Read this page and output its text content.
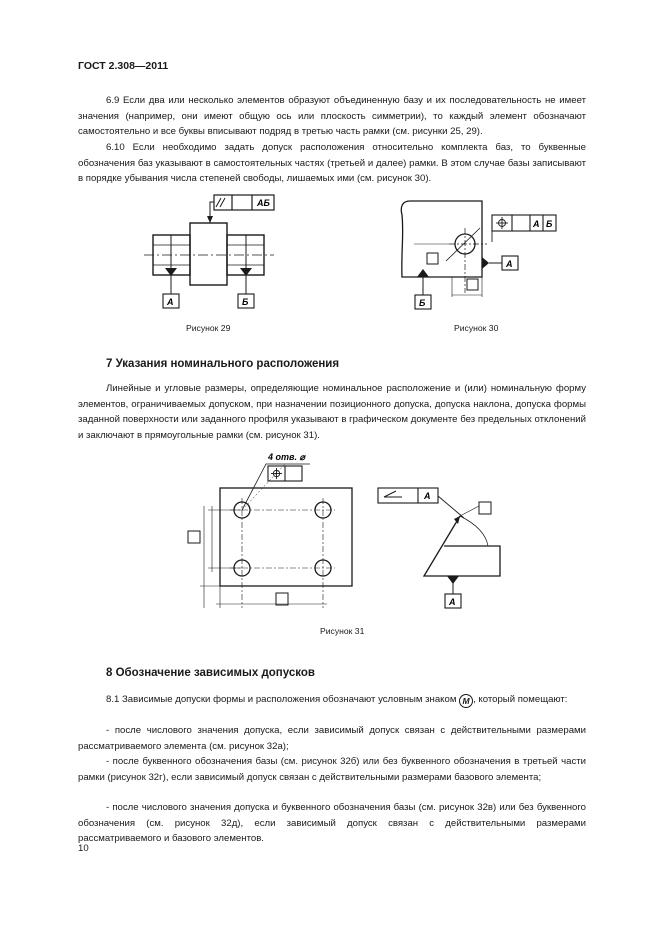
ГОСТ 2.308—2011
6.9 Если два или несколько элементов образуют объединенную базу и их последовательность не имеет значения (например, они имеют общую ось или плоскость симметрии), то каждый элемент обозначают самостоятельно и все буквы вписывают подряд в третью часть рамки (см. рисунки 25, 29).
6.10 Если необходимо задать допуск расположения относительно комплекта баз, то буквенные обозначения баз указывают в самостоятельных частях (третьей и далее) рамки. В этом случае базы записывают в порядке убывания числа степеней свободы, лишаемых ими (см. рисунок 30).
АБ
А	Б
Рисунок 29
А Б
А
Б
Рисунок 30
7 Указания номинального расположения
Линейные и угловые размеры, определяющие номинальное расположение и (или) номинальную форму элементов, ограничиваемых допуском, при назначении позиционного допуска, допуска наклона, допуска формы заданной поверхности или заданного профиля указывают в графическом документе без предельных отклонений и заключают в прямоугольные рамки (см. рисунок 31).
4 отв. ⌀
А
А
Рисунок 31
8 Обозначение зависимых допусков
8.1 Зависимые допуски формы и расположения обозначают условным знаком M , который помещают:
- после числового значения допуска, если зависимый допуск связан с действительными размерами рассматриваемого элемента (см. рисунок 32а);
- после буквенного обозначения базы (см. рисунок 32б) или без буквенного обозначения в третьей части рамки (рисунок 32г), если зависимый допуск связан с действительными размерами базового элемента;
- после числового значения допуска и буквенного обозначения базы (см. рисунок 32в) или без буквенного обозначения (см. рисунок 32д), если зависимый допуск связан с действительными размерами рассматриваемого и базового элементов.
10
